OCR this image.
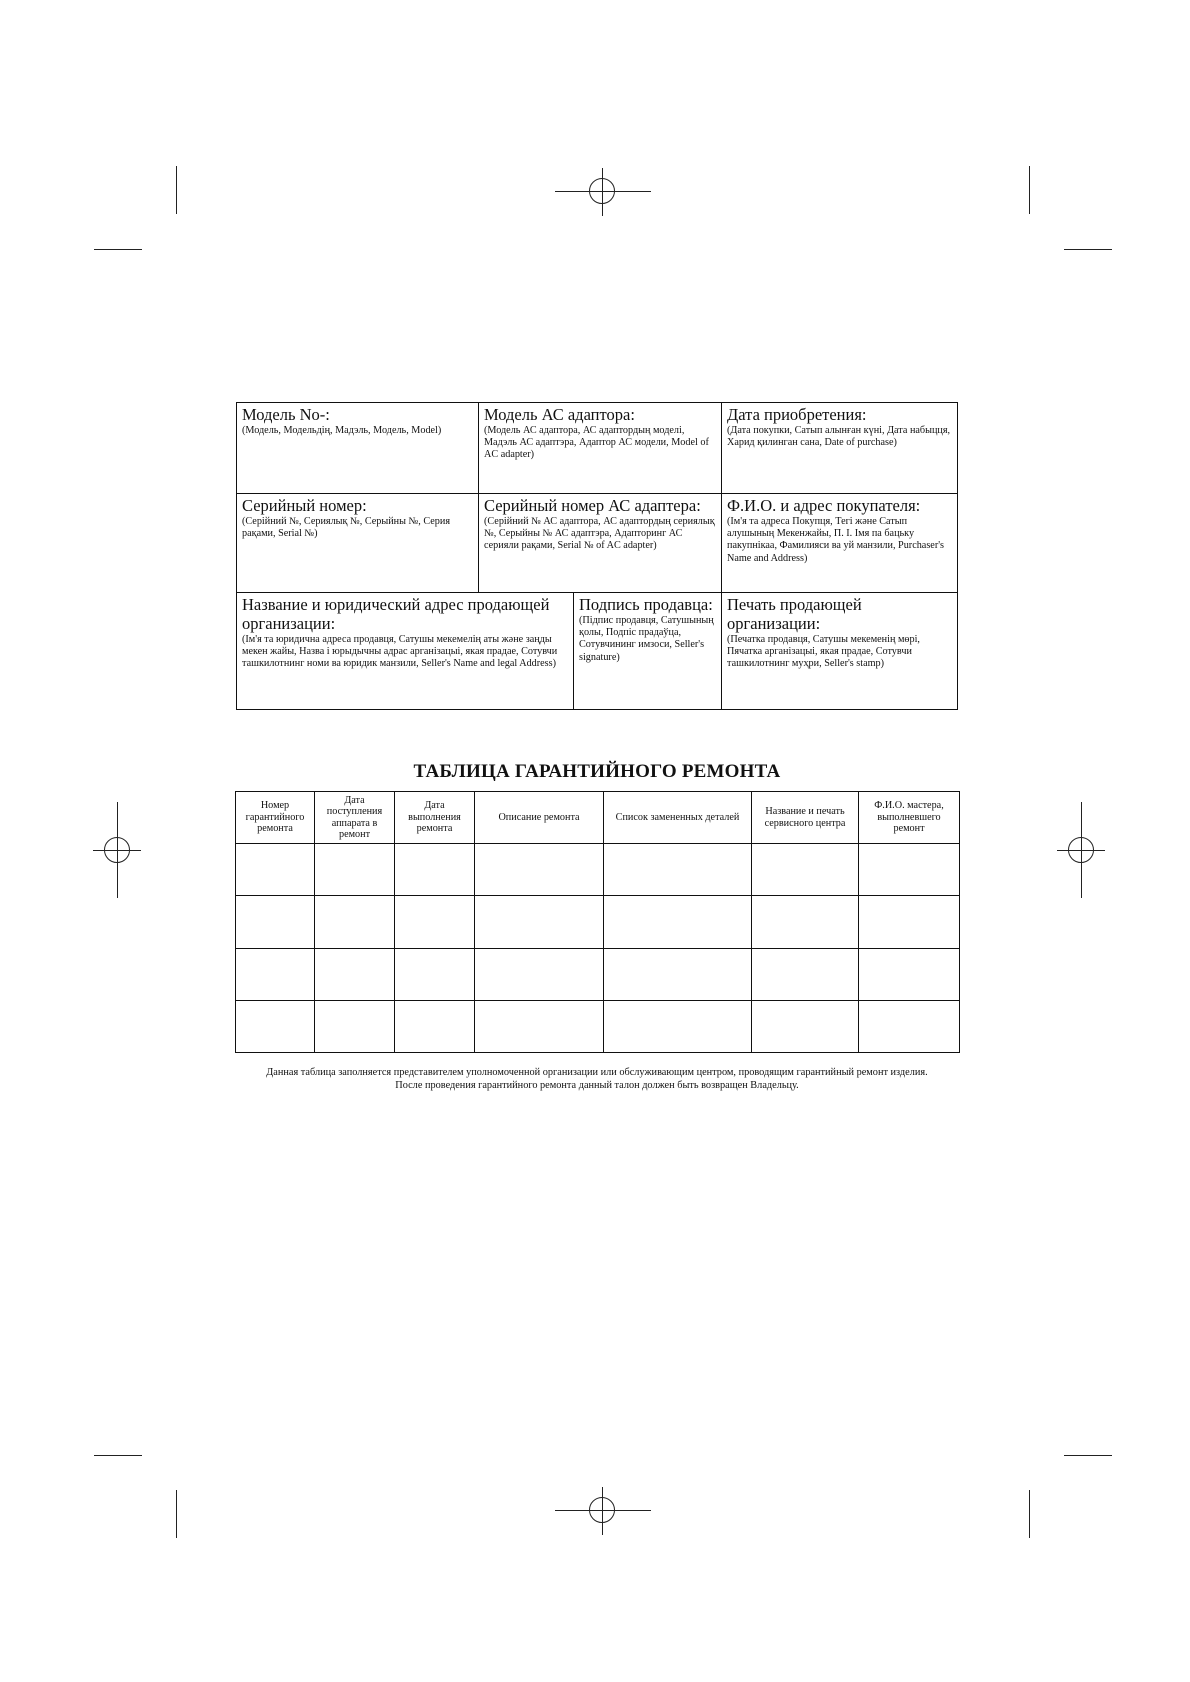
Модель No-:
(Модель, Модельдің, Мадэль, Модель, Model)
Модель АС адаптора:
(Модель АС адаптора, АС адаптордың моделі, Мадэль АС адаптэра, Адаптор АС модели, Model of AC adapter)
Дата приобретения:
(Дата покупки, Сатып алынған күні, Дата набыцця, Харид қилинган сана, Date of purchase)
Серийный номер:
(Серійний №, Сериялық №, Серыйны №, Серия рақами, Serial №)
Серийный номер АС адаптера:
(Серійний № АС адаптора, АС адаптордың сериялық №, Серыйны № АС адаптэра, Адапторинг АС серияли рақами, Serial № of AC adapter)
Ф.И.О. и адрес покупателя:
(Ім'я та адреса Покупця, Тегі және Сатып алушының Мекенжайы, П. І. Імя па бацьку пакупнікаа, Фамилияси ва уй манзили, Purchaser's Name and Address)
Название и юридический адрес продающей организации:
(Ім'я та юридична адреса продавця, Сатушы мекемелің аты және заңды мекен жайы, Назва і юрыдычны адрас арганізацыі, якая прадае, Сотувчи ташкилотнинг номи ва юридик манзили, Seller's Name and legal Address)
Подпись продавца:
(Підпис продавця, Сатушының қолы, Подпіс прадаўца, Сотувчининг имзоси, Seller's signature)
Печать продающей организации:
(Печатка продавця, Сатушы мекеменің мөрі, Пячатка арганізацыі, якая прадае, Сотувчи ташкилотнинг муҳри, Seller's stamp)
ТАБЛИЦА ГАРАНТИЙНОГО РЕМОНТА
Номер гарантийного ремонта	Дата поступления аппарата в ремонт	Дата выполнения ремонта	Описание ремонта	Список замененных деталей	Название и печать сервисного центра	Ф.И.О. мастера, выполневшего ремонт

Данная таблица заполняется представителем уполномоченной организации или обслуживающим центром, проводящим гарантийный ремонт изделия.
После проведения гарантийного ремонта данный талон должен быть возвращен Владельцу.
